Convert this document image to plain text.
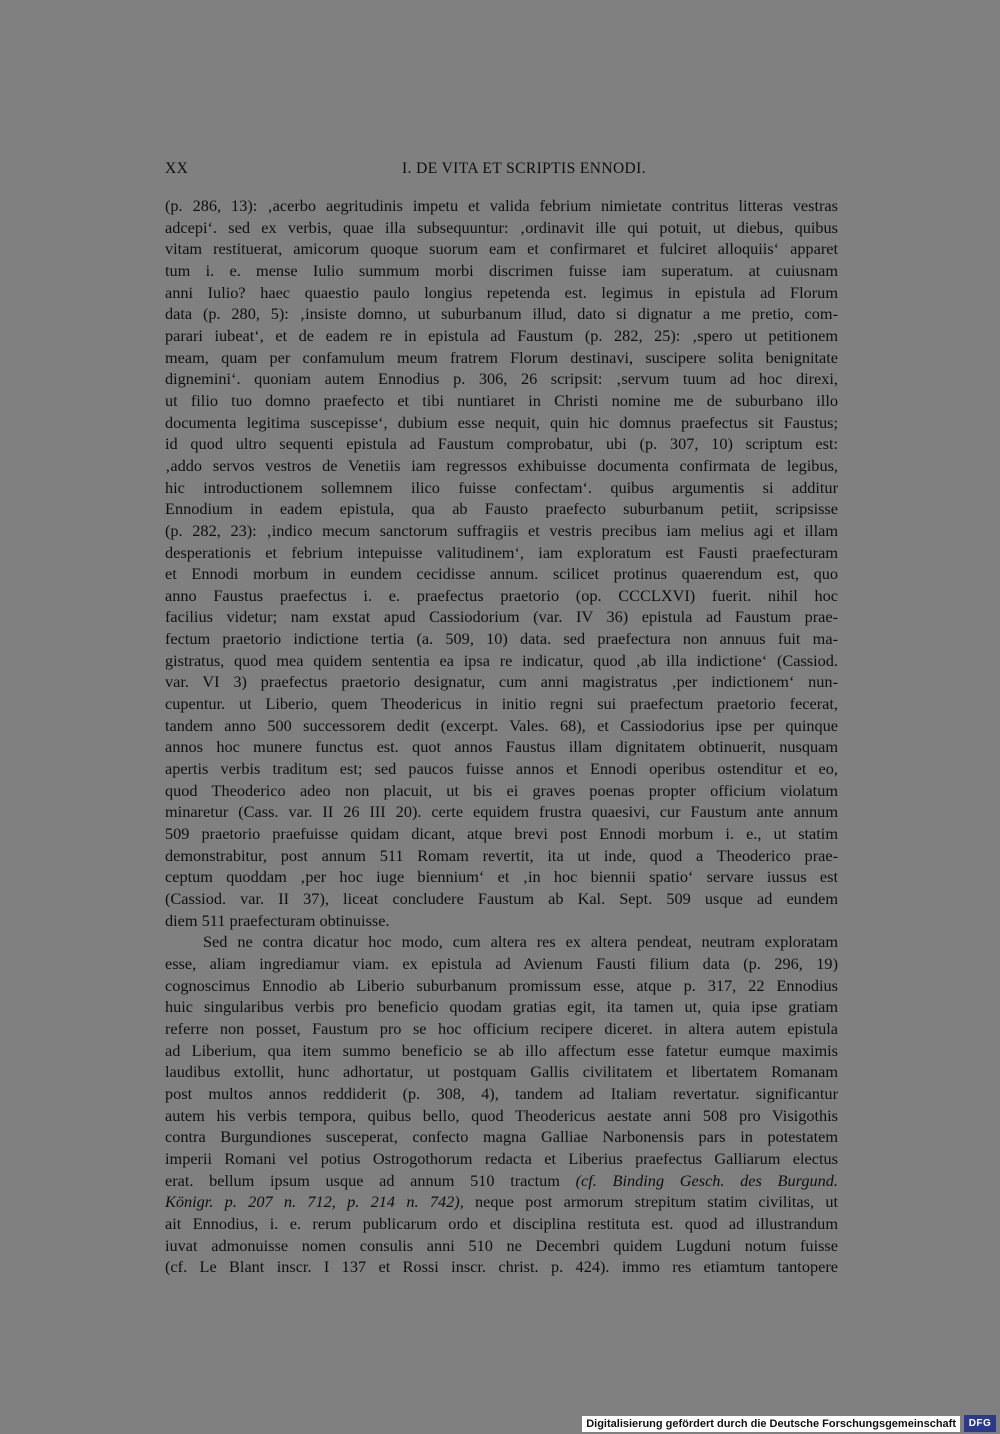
XX	I. DE VITA ET SCRIPTIS ENNODI.
(p. 286, 13): ‚acerbo aegritudinis impetu et valida febrium nimietate contritus litteras vestras
adcepi‘. sed ex verbis, quae illa subsequuntur: ‚ordinavit ille qui potuit, ut diebus, quibus
vitam restituerat, amicorum quoque suorum eam et confirmaret et fulciret alloquiis‘ apparet
tum i. e. mense Iulio summum morbi discrimen fuisse iam superatum. at cuiusnam
anni Iulio? haec quaestio paulo longius repetenda est. legimus in epistula ad Florum
data (p. 280, 5): ‚insiste domno, ut suburbanum illud, dato si dignatur a me pretio, com-
parari iubeat‘, et de eadem re in epistula ad Faustum (p. 282, 25): ‚spero ut petitionem
meam, quam per confamulum meum fratrem Florum destinavi, suscipere solita benignitate
dignemini‘. quoniam autem Ennodius p. 306, 26 scripsit: ‚servum tuum ad hoc direxi,
ut filio tuo domno praefecto et tibi nuntiaret in Christi nomine me de suburbano illo
documenta legitima suscepisse‘, dubium esse nequit, quin hic domnus praefectus sit Faustus;
id quod ultro sequenti epistula ad Faustum comprobatur, ubi (p. 307, 10) scriptum est:
‚addo servos vestros de Venetiis iam regressos exhibuisse documenta confirmata de legibus,
hic introductionem sollemnem ilico fuisse confectam‘. quibus argumentis si additur
Ennodium in eadem epistula, qua ab Fausto praefecto suburbanum petiit, scripsisse
(p. 282, 23): ‚indico mecum sanctorum suffragiis et vestris precibus iam melius agi et illam
desperationis et febrium intepuisse valitudinem‘, iam exploratum est Fausti praefecturam
et Ennodi morbum in eundem cecidisse annum. scilicet protinus quaerendum est, quo
anno Faustus praefectus i. e. praefectus praetorio (op. CCCLXVI) fuerit. nihil hoc
facilius videtur; nam exstat apud Cassiodorium (var. IV 36) epistula ad Faustum prae-
fectum praetorio indictione tertia (a. 509, 10) data. sed praefectura non annuus fuit ma-
gistratus, quod mea quidem sententia ea ipsa re indicatur, quod ‚ab illa indictione‘ (Cassiod.
var. VI 3) praefectus praetorio designatur, cum anni magistratus ‚per indictionem‘ nun-
cupentur. ut Liberio, quem Theodericus in initio regni sui praefectum praetorio fecerat,
tandem anno 500 successorem dedit (excerpt. Vales. 68), et Cassiodorius ipse per quinque
annos hoc munere functus est. quot annos Faustus illam dignitatem obtinuerit, nusquam
apertis verbis traditum est; sed paucos fuisse annos et Ennodi operibus ostenditur et eo,
quod Theoderico adeo non placuit, ut bis ei graves poenas propter officium violatum
minaretur (Cass. var. II 26 III 20). certe equidem frustra quaesivi, cur Faustum ante annum
509 praetorio praefuisse quidam dicant, atque brevi post Ennodi morbum i. e., ut statim
demonstrabitur, post annum 511 Romam revertit, ita ut inde, quod a Theoderico prae-
ceptum quoddam ‚per hoc iuge biennium‘ et ‚in hoc biennii spatio‘ servare iussus est
(Cassiod. var. II 37), liceat concludere Faustum ab Kal. Sept. 509 usque ad eundem
diem 511 praefecturam obtinuisse.
Sed ne contra dicatur hoc modo, cum altera res ex altera pendeat, neutram exploratam
esse, aliam ingrediamur viam. ex epistula ad Avienum Fausti filium data (p. 296, 19)
cognoscimus Ennodio ab Liberio suburbanum promissum esse, atque p. 317, 22 Ennodius
huic singularibus verbis pro beneficio quodam gratias egit, ita tamen ut, quia ipse gratiam
referre non posset, Faustum pro se hoc officium recipere diceret. in altera autem epistula
ad Liberium, qua item summo beneficio se ab illo affectum esse fatetur eumque maximis
laudibus extollit, hunc adhortatur, ut postquam Gallis civilitatem et libertatem Romanam
post multos annos reddiderit (p. 308, 4), tandem ad Italiam revertatur. significantur
autem his verbis tempora, quibus bello, quod Theodericus aestate anni 508 pro Visigothis
contra Burgundiones susceperat, confecto magna Galliae Narbonensis pars in potestatem
imperii Romani vel potius Ostrogothorum redacta et Liberius praefectus Galliarum electus
erat. bellum ipsum usque ad annum 510 tractum (cf. Binding Gesch. des Burgund.
Königr. p. 207 n. 712, p. 214 n. 742), neque post armorum strepitum statim civilitas, ut
ait Ennodius, i. e. rerum publicarum ordo et disciplina restituta est. quod ad illustrandum
iuvat admonuisse nomen consulis anni 510 ne Decembri quidem Lugduni notum fuisse
(cf. Le Blant inscr. I 137 et Rossi inscr. christ. p. 424). immo res etiamtum tantopere
Digitalisierung gefördert durch die Deutsche Forschungsgemeinschaft	DFG
